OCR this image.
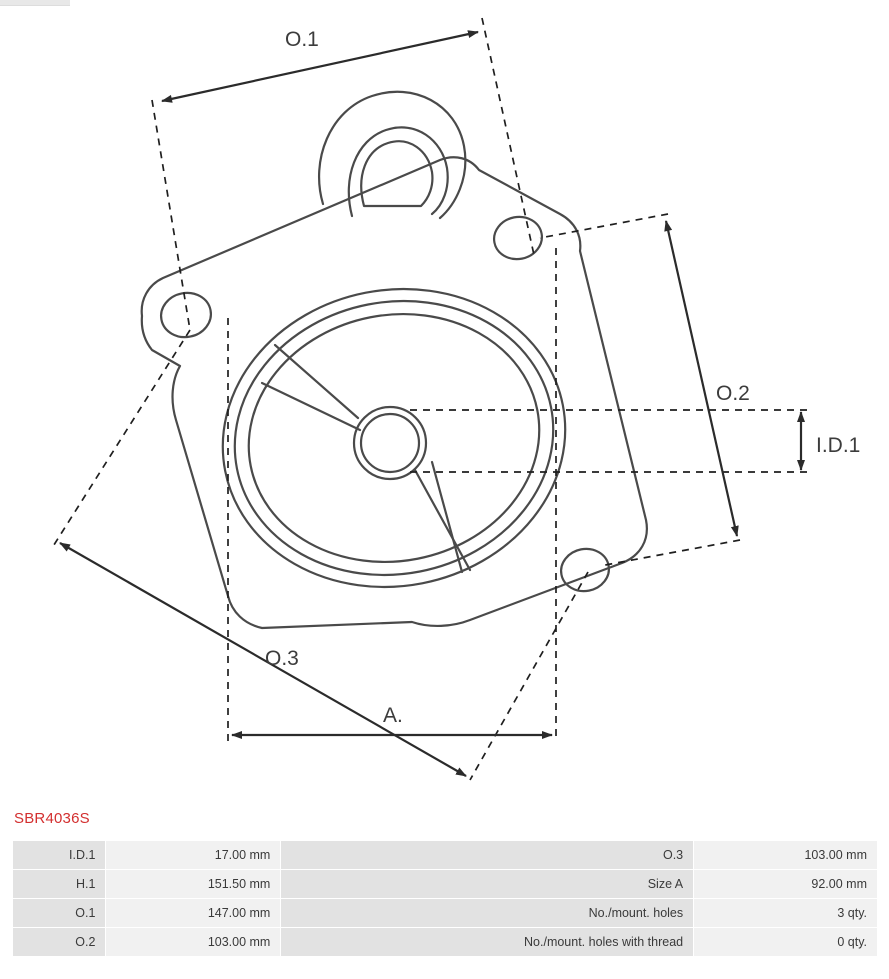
O.1
O.2
I.D.1
O.3
A.
SBR4036S
I.D.1	17.00 mm	O.3	103.00 mm
H.1	151.50 mm	Size A	92.00 mm
O.1	147.00 mm	No./mount. holes	3 qty.
O.2	103.00 mm	No./mount. holes with thread	0 qty.
